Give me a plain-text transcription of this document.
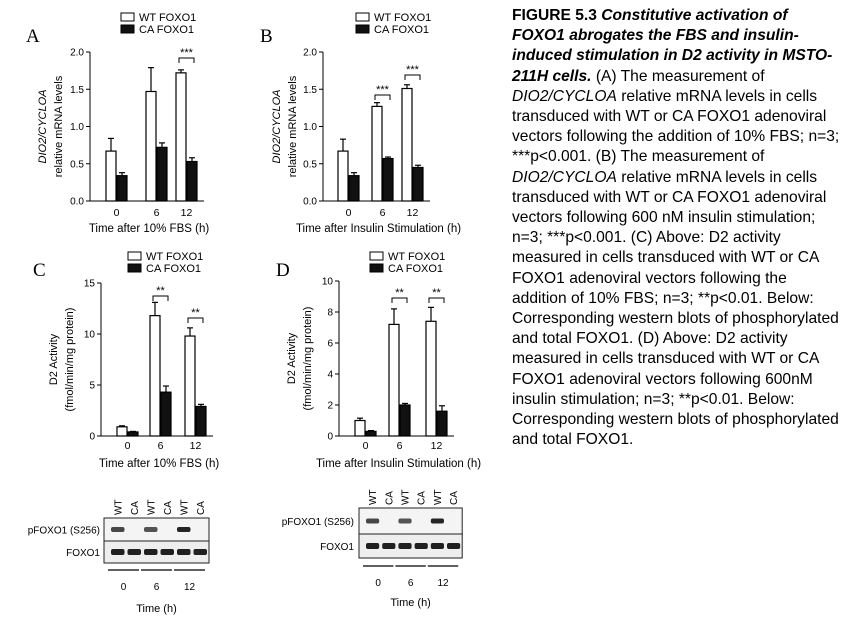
A
WT FOXO1
CA FOXO1
0.0
0.5
1.0
1.5
2.0
DIO2/CYCLOA relative mRNA levels
0	6 12
***
Time after 10% FBS (h)
B
WT FOXO1
CA FOXO1
0.0
0.5
1.0
1.5
2.0
DIO2/CYCLOA relative mRNA levels
0	6 12
***
***
Time after Insulin Stimulation (h)
C
WT FOXO1
CA FOXO1
0
5
10
15
D2 Activity (fmol/min/mg protein)
0	6 12
**
**
Time after 10% FBS (h)
D
WT FOXO1
CA FOXO1
0
2
4
6
8
10
D2 Activity (fmol/min/mg protein)
0	6	12
**	**
Time after Insulin Stimulation (h)
WT CA WT CA WT CA
pFOXO1 (S256)
FOXO1
0	6 12
Time (h)
WT CA WT CA WT CA
pFOXO1 (S256)
FOXO1
0	6 12
Time (h)

FIGURE 5.3 Constitutive activation of FOXO1 abrogates the FBS and insulin-induced stimulation in D2 activity in MSTO-211H cells. (A) The measurement of DIO2/CYCLOA relative mRNA levels in cells transduced with WT or CA FOXO1 adenoviral vectors following the addition of 10% FBS; n=3; ***p<0.001. (B) The measurement of DIO2/CYCLOA relative mRNA levels in cells transduced with WT or CA FOXO1 adenoviral vectors following 600 nM insulin stimulation; n=3; ***p<0.001. (C) Above: D2 activity measured in cells transduced with WT or CA FOXO1 adenoviral vectors following the addition of 10% FBS; n=3; **p<0.01. Below: Corresponding western blots of phosphorylated and total FOXO1. (D) Above: D2 activity measured in cells transduced with WT or CA FOXO1 adenoviral vectors following 600nM insulin stimulation; n=3; **p<0.01. Below: Corresponding western blots of phosphorylated and total FOXO1.
